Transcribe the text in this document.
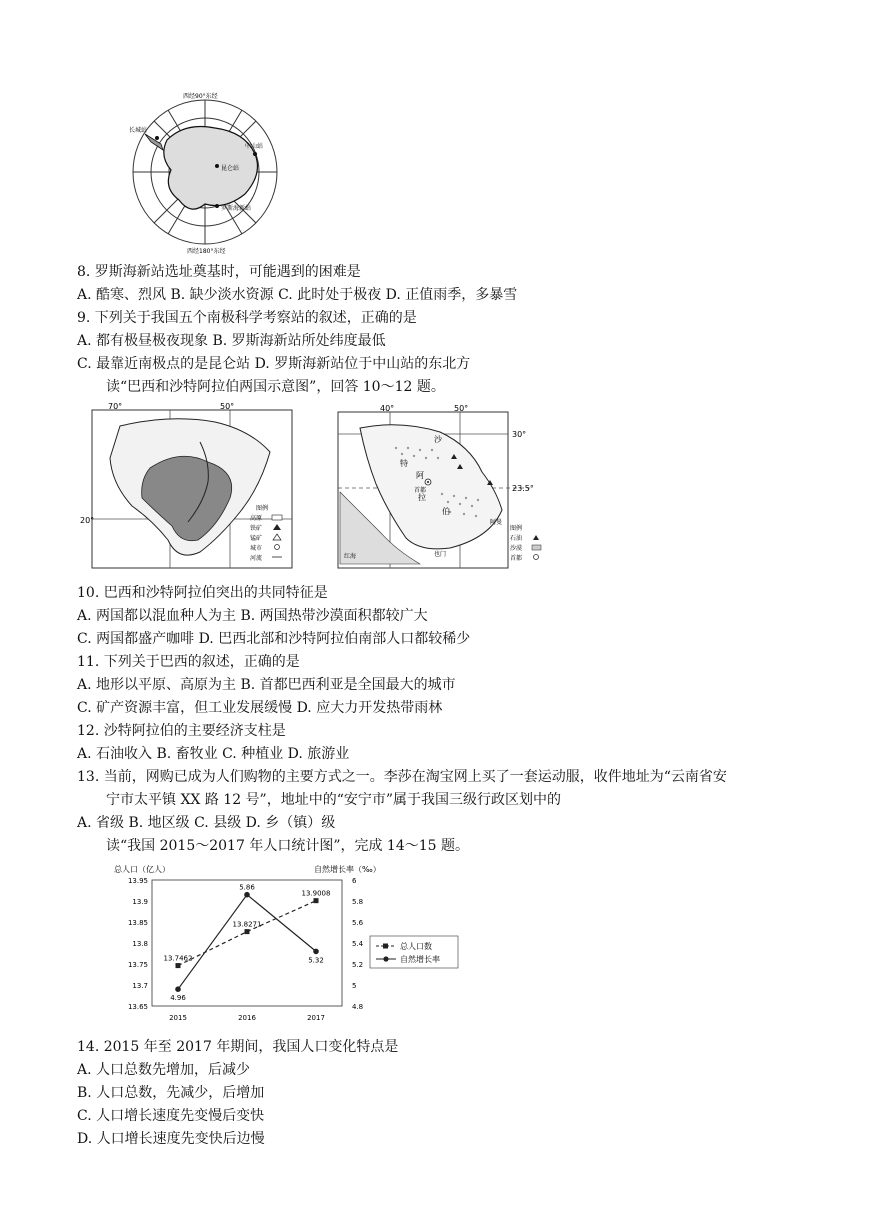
西经90°东经
西经180°东经
长城站
昆仑站
中山站
罗斯海新站
8. 罗斯海新站选址奠基时，可能遇到的困难是
A. 酷寒、烈风 B. 缺少淡水资源 C. 此时处于极夜 D. 正值雨季，多暴雪
9. 下列关于我国五个南极科学考察站的叙述，正确的是
A. 都有极昼极夜现象 B. 罗斯海新站所处纬度最低
C. 最靠近南极点的是昆仑站 D. 罗斯海新站位于中山站的东北方
读“巴西和沙特阿拉伯两国示意图”，回答 10～12 题。
70°	50°
20°
图例
高原
铁矿
锰矿
城市
河流
40°	50°
30°
23.5°
沙
特
阿
拉
伯
首都
阿曼
也门
红海
图例
石油
沙漠
首都
10. 巴西和沙特阿拉伯突出的共同特征是
A. 两国都以混血种人为主 B. 两国热带沙漠面积都较广大
C. 两国都盛产咖啡 D. 巴西北部和沙特阿拉伯南部人口都较稀少
11. 下列关于巴西的叙述，正确的是
A. 地形以平原、高原为主 B. 首都巴西利亚是全国最大的城市
C. 矿产资源丰富，但工业发展缓慢 D. 应大力开发热带雨林
12. 沙特阿拉伯的主要经济支柱是
A. 石油收入 B. 畜牧业 C. 种植业 D. 旅游业
13. 当前，网购已成为人们购物的主要方式之一。李莎在淘宝网上买了一套运动服，收件地址为“云南省安
宁市太平镇 XX 路 12 号”，地址中的“安宁市”属于我国三级行政区划中的
A. 省级 B. 地区级 C. 县级 D. 乡（镇）级
读“我国 2015～2017 年人口统计图”，完成 14～15 题。
总人口（亿人）	自然增长率（‰）
13.95
13.9
13.85
13.8
13.75
13.7
13.65
6
5.8
5.6
5.4
5.2
5
4.8
2015	2016	2017
13.7462
13.8271
13.9008
4.96
5.86
5.32
总人口数
自然增长率
14. 2015 年至 2017 年期间，我国人口变化特点是
A. 人口总数先增加，后减少
B. 人口总数，先减少，后增加
C. 人口增长速度先变慢后变快
D. 人口增长速度先变快后边慢
